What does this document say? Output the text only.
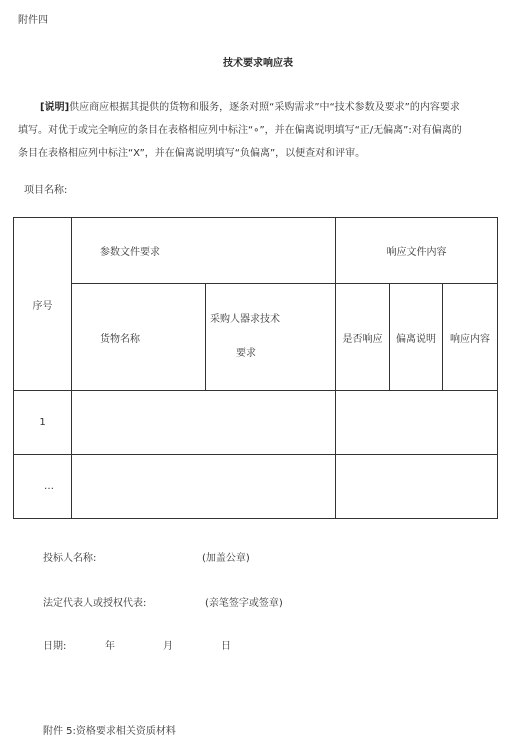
附件四
技术要求响应表

[说明]供应商应根据其提供的货物和服务，逐条对照“采购需求”中“技术参数及要求”的内容要求

填写。对优于或完全响应的条目在表格相应列中标注“∘”，并在偏离说明填写“正/无偏离”:对有偏离的

条目在表格相应列中标注“X”，并在偏离说明填写“负偏离”，以便查对和评审。

项目名称:
序号	参数文件要求		响应文件内容		
	货物名称	采购人器求技术
要求	是否响应	偏离说明	响应内容
1					
…					
投标人名称:	(加盖公章)
法定代表人或授权代表:	(亲笔签字或签章)
日期:	年	月	日
附件 5:资格要求相关资质材料
